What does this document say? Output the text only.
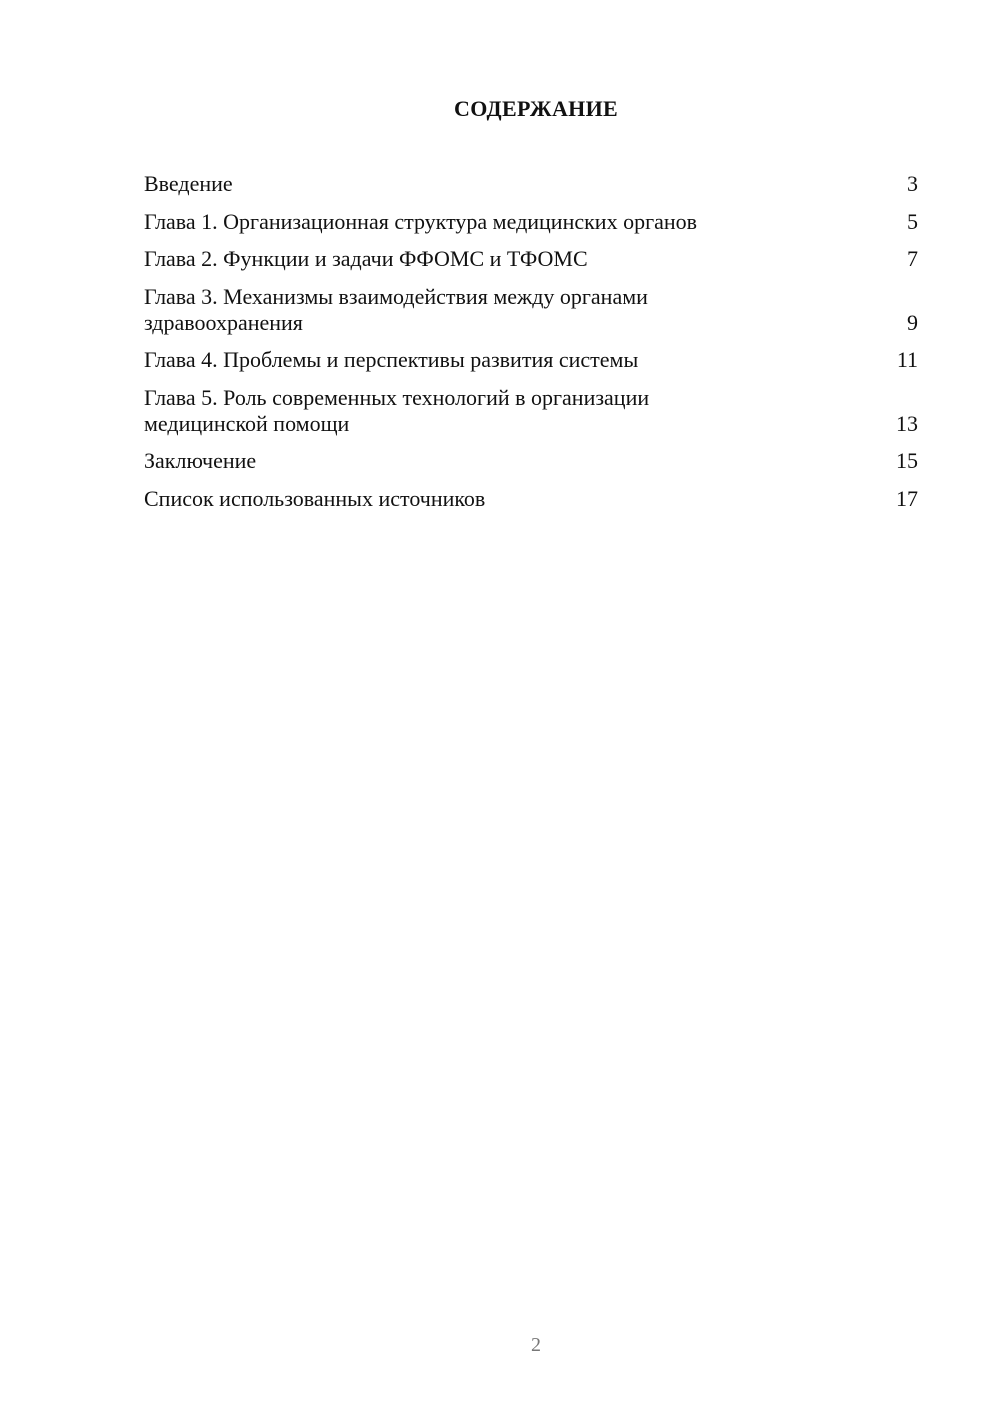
СОДЕРЖАНИЕ
Введение	3
Глава 1. Организационная структура медицинских органов	5
Глава 2. Функции и задачи ФФОМС и ТФОМС	7
Глава 3. Механизмы взаимодействия между органами
здравоохранения	9
Глава 4. Проблемы и перспективы развития системы	11
Глава 5. Роль современных технологий в организации
медицинской помощи	13
Заключение	15
Список использованных источников	17
2
